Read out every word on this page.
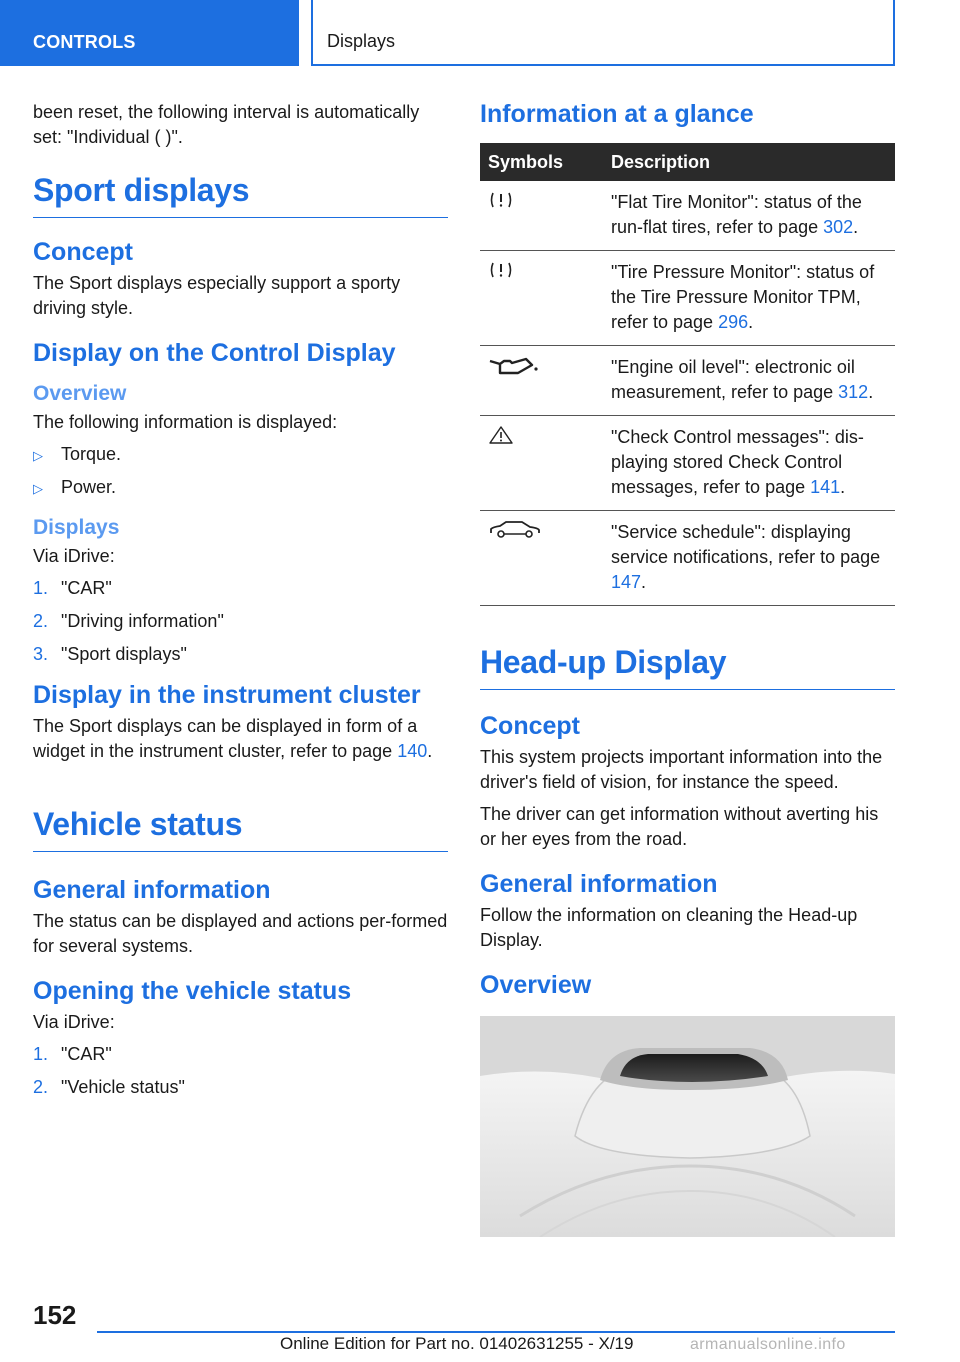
CONTROLS	Displays

been reset, the following interval is automatically set: "Individual ( )".

Sport displays
Concept

The Sport displays especially support a sporty driving style.

Display on the Control Display
Overview

The following information is displayed:

▷ Torque.
▷ Power.
Displays

Via iDrive:

1. "CAR"
2. "Driving information"
3. "Sport displays"
Display in the instrument cluster

The Sport displays can be displayed in form of a widget in the instrument cluster, refer to page 140.

Vehicle status
General information

The status can be displayed and actions per-formed for several systems.

Opening the vehicle status

Via iDrive:

1. "CAR"
2. "Vehicle status"
Information at a glance
Symbols	Description
	"Flat Tire Monitor": status of the run-flat tires, refer to page 302.
	"Tire Pressure Monitor": status of the Tire Pressure Monitor TPM, refer to page 296.
	"Engine oil level": electronic oil measurement, refer to page 312.
	"Check Control messages": dis-playing stored Check Control messages, refer to page 141.
	"Service schedule": displaying service notifications, refer to page 147.
Head-up Display
Concept

This system projects important information into the driver's field of vision, for instance the speed.

The driver can get information without averting his or her eyes from the road.

General information

Follow the information on cleaning the Head-up Display.

Overview
152
Online Edition for Part no. 01402631255 - X/19	armanualsonline.info
